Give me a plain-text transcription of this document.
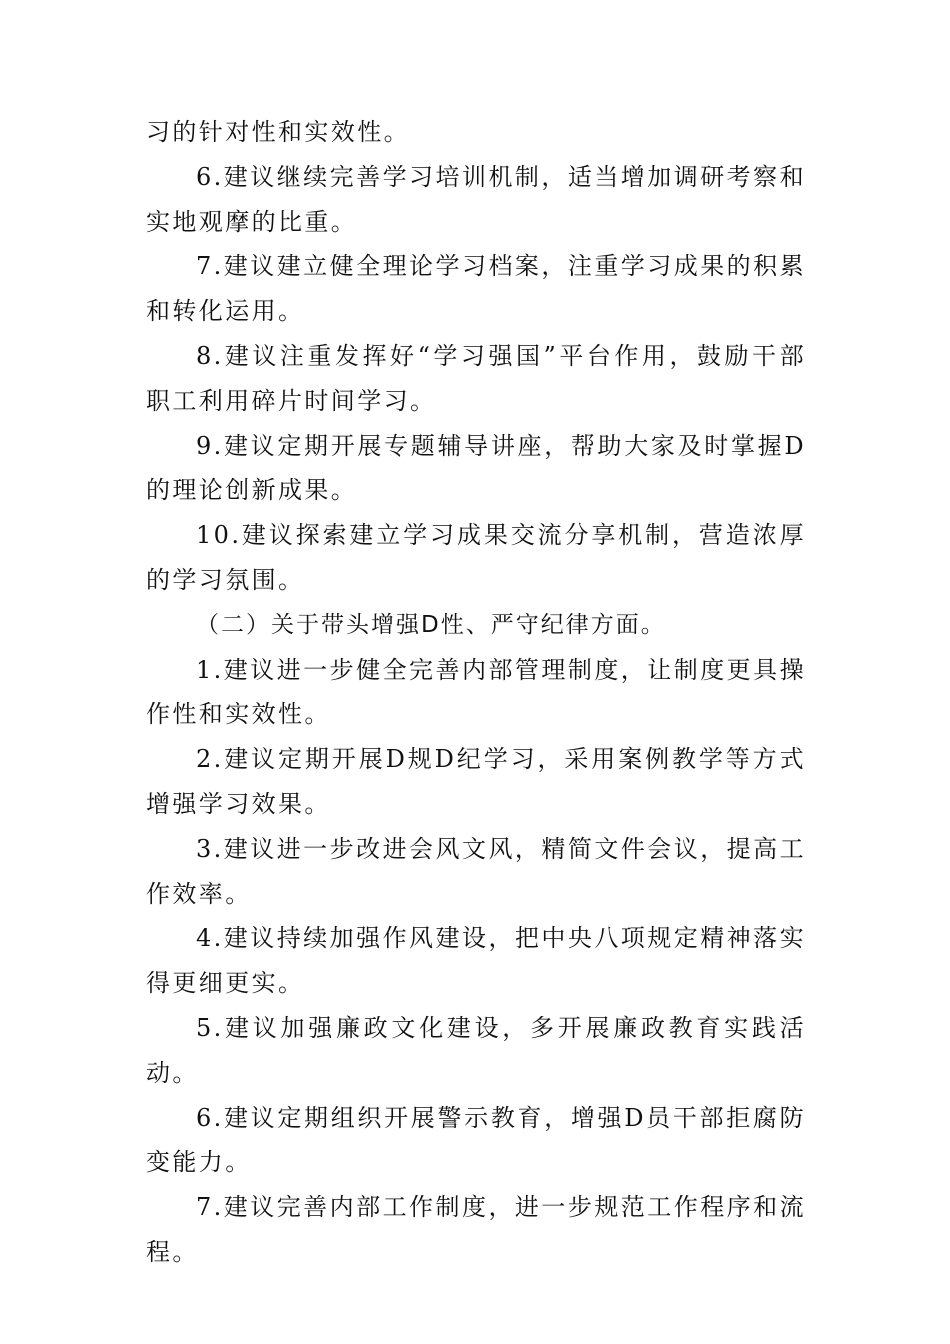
习的针对性和实效性。

6.建议继续完善学习培训机制，适当增加调研考察和实地观摩的比重。

7.建议建立健全理论学习档案，注重学习成果的积累和转化运用。

8.建议注重发挥好“学习强国”平台作用，鼓励干部职工利用碎片时间学习。

9.建议定期开展专题辅导讲座，帮助大家及时掌握D的理论创新成果。

10.建议探索建立学习成果交流分享机制，营造浓厚的学习氛围。

（二）关于带头增强D性、严守纪律方面。

1.建议进一步健全完善内部管理制度，让制度更具操作性和实效性。

2.建议定期开展D规D纪学习，采用案例教学等方式增强学习效果。

3.建议进一步改进会风文风，精简文件会议，提高工作效率。

4.建议持续加强作风建设，把中央八项规定精神落实得更细更实。

5.建议加强廉政文化建设，多开展廉政教育实践活动。

6.建议定期组织开展警示教育，增强D员干部拒腐防变能力。

7.建议完善内部工作制度，进一步规范工作程序和流程。
